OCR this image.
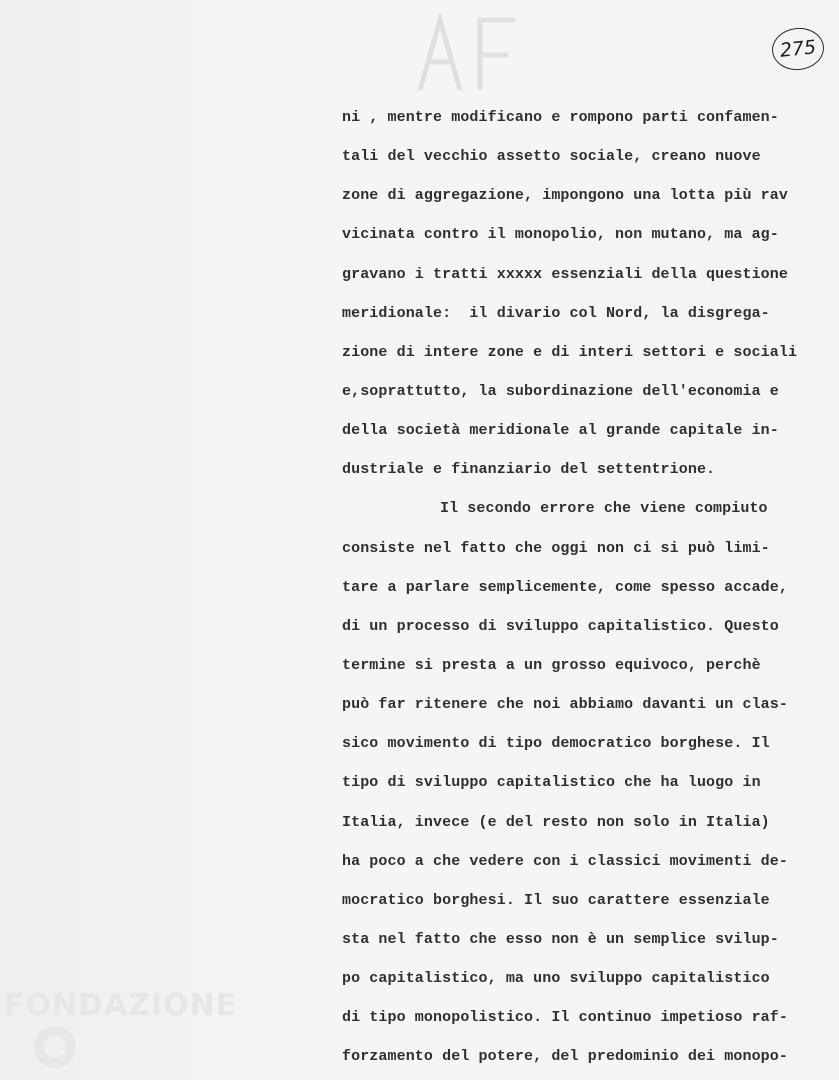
275
ni , mentre modificano e rompono parti confamen-
tali del vecchio assetto sociale, creano nuove
zone di aggregazione, impongono una lotta più rav
vicinata contro il monopolio, non mutano, ma ag-
gravano i tratti xxxxx essenziali della questione
meridionale:  il divario col Nord, la disgrega-
zione di intere zone e di interi settori e sociali
e,soprattutto, la subordinazione dell'economia e
della società meridionale al grande capitale in-
dustriale e finanziario del settentrione.
Il secondo errore che viene compiuto
consiste nel fatto che oggi non ci si può limi-
tare a parlare semplicemente, come spesso accade,
di un processo di sviluppo capitalistico. Questo
termine si presta a un grosso equivoco, perchè
può far ritenere che noi abbiamo davanti un clas-
sico movimento di tipo democratico borghese. Il
tipo di sviluppo capitalistico che ha luogo in
Italia, invece (e del resto non solo in Italia)
ha poco a che vedere con i classici movimenti de-
mocratico borghesi. Il suo carattere essenziale
sta nel fatto che esso non è un semplice svilup-
po capitalistico, ma uno sviluppo capitalistico
di tipo monopolistico. Il continuo impetioso raf-
forzamento del potere, del predominio dei monopo-
FONDAZIONE
